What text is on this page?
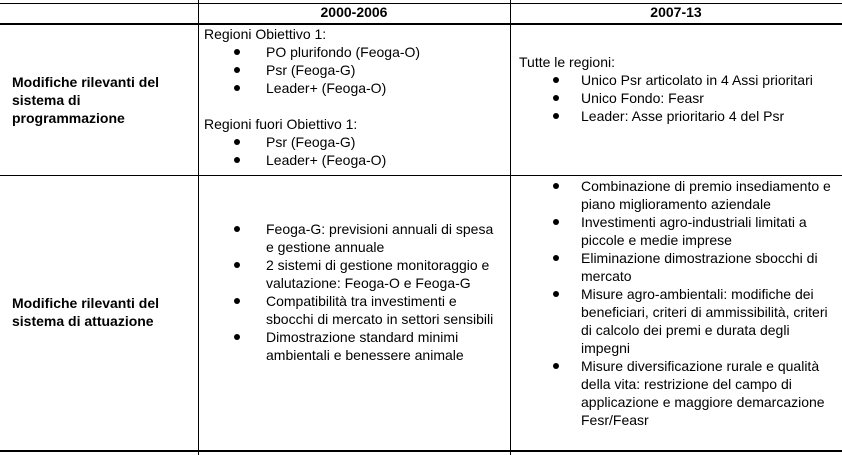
2000-2006	2007-13
Modifiche rilevanti del sistema di programmazione

Regioni Obiettivo 1:

PO plurifondo (Feoga-O)
Psr (Feoga-G)
Leader+ (Feoga-O)

Regioni fuori Obiettivo 1:

Psr (Feoga-G)
Leader+ (Feoga-O)

Tutte le regioni:

Unico Psr articolato in 4 Assi prioritari
Unico Fondo: Feasr
Leader: Asse prioritario 4 del Psr
Modifiche rilevanti del sistema di attuazione
Feoga-G: previsioni annuali di spesa e gestione annuale
2 sistemi di gestione monitoraggio e valutazione: Feoga-O e Feoga-G
Compatibilità tra investimenti e sbocchi di mercato in settori sensibili
Dimostrazione standard minimi ambientali e benessere animale
Combinazione di premio insediamento e piano miglioramento aziendale
Investimenti agro-industriali limitati a piccole e medie imprese
Eliminazione dimostrazione sbocchi di mercato
Misure agro-ambientali: modifiche dei beneficiari, criteri di ammissibilità, criteri di calcolo dei premi e durata degli impegni
Misure diversificazione rurale e qualità della vita: restrizione del campo di applicazione e maggiore demarcazione Fesr/Feasr
